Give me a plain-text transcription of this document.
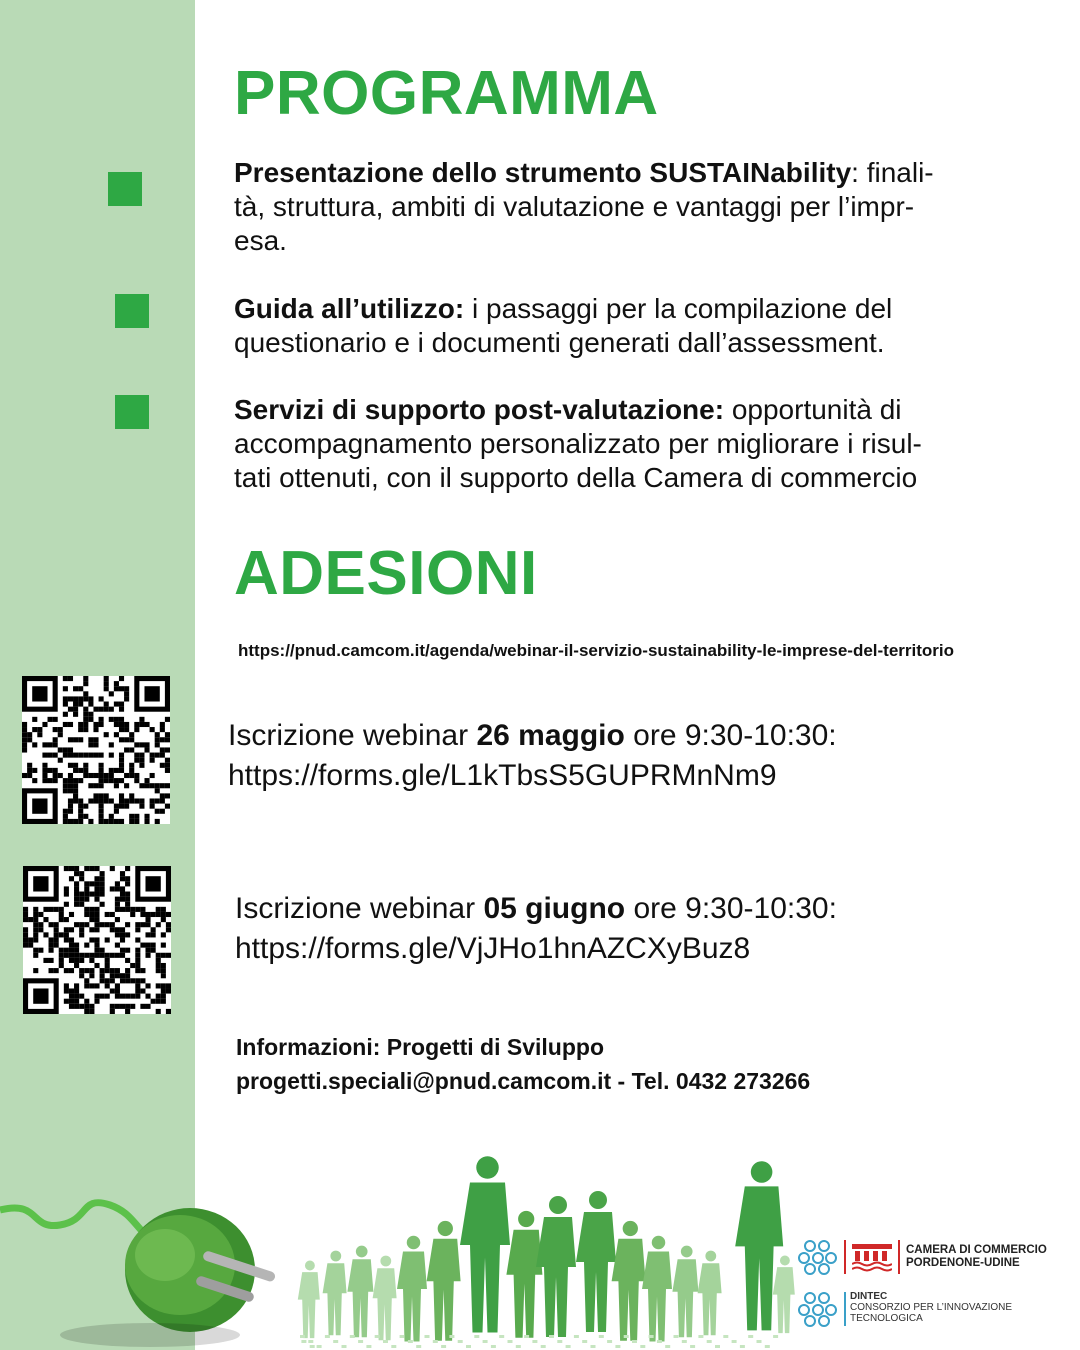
PROGRAMMA
Presentazione dello strumento SUSTAINability: finali-
tà, struttura, ambiti di valutazione e vantaggi per l’impr-
esa.
Guida all’utilizzo: i passaggi per la compilazione del
questionario e i documenti generati dall’assessment.
Servizi di supporto post-valutazione: opportunità di
accompagnamento personalizzato per migliorare i risul-
tati ottenuti, con il supporto della Camera di commercio
ADESIONI
https://pnud.camcom.it/agenda/webinar-il-servizio-sustainability-le-imprese-del-territorio
Iscrizione webinar 26 maggio ore 9:30-10:30:
https://forms.gle/L1kTbsS5GUPRMnNm9
Iscrizione webinar 05 giugno ore 9:30-10:30:
https://forms.gle/VjJHo1hnAZCXyBuz8
Informazioni: Progetti di Sviluppo
progetti.speciali@pnud.camcom.it - Tel. 0432 273266
CAMERA DI COMMERCIO
PORDENONE-UDINE
DINTEC
CONSORZIO PER L’INNOVAZIONE
TECNOLOGICA
